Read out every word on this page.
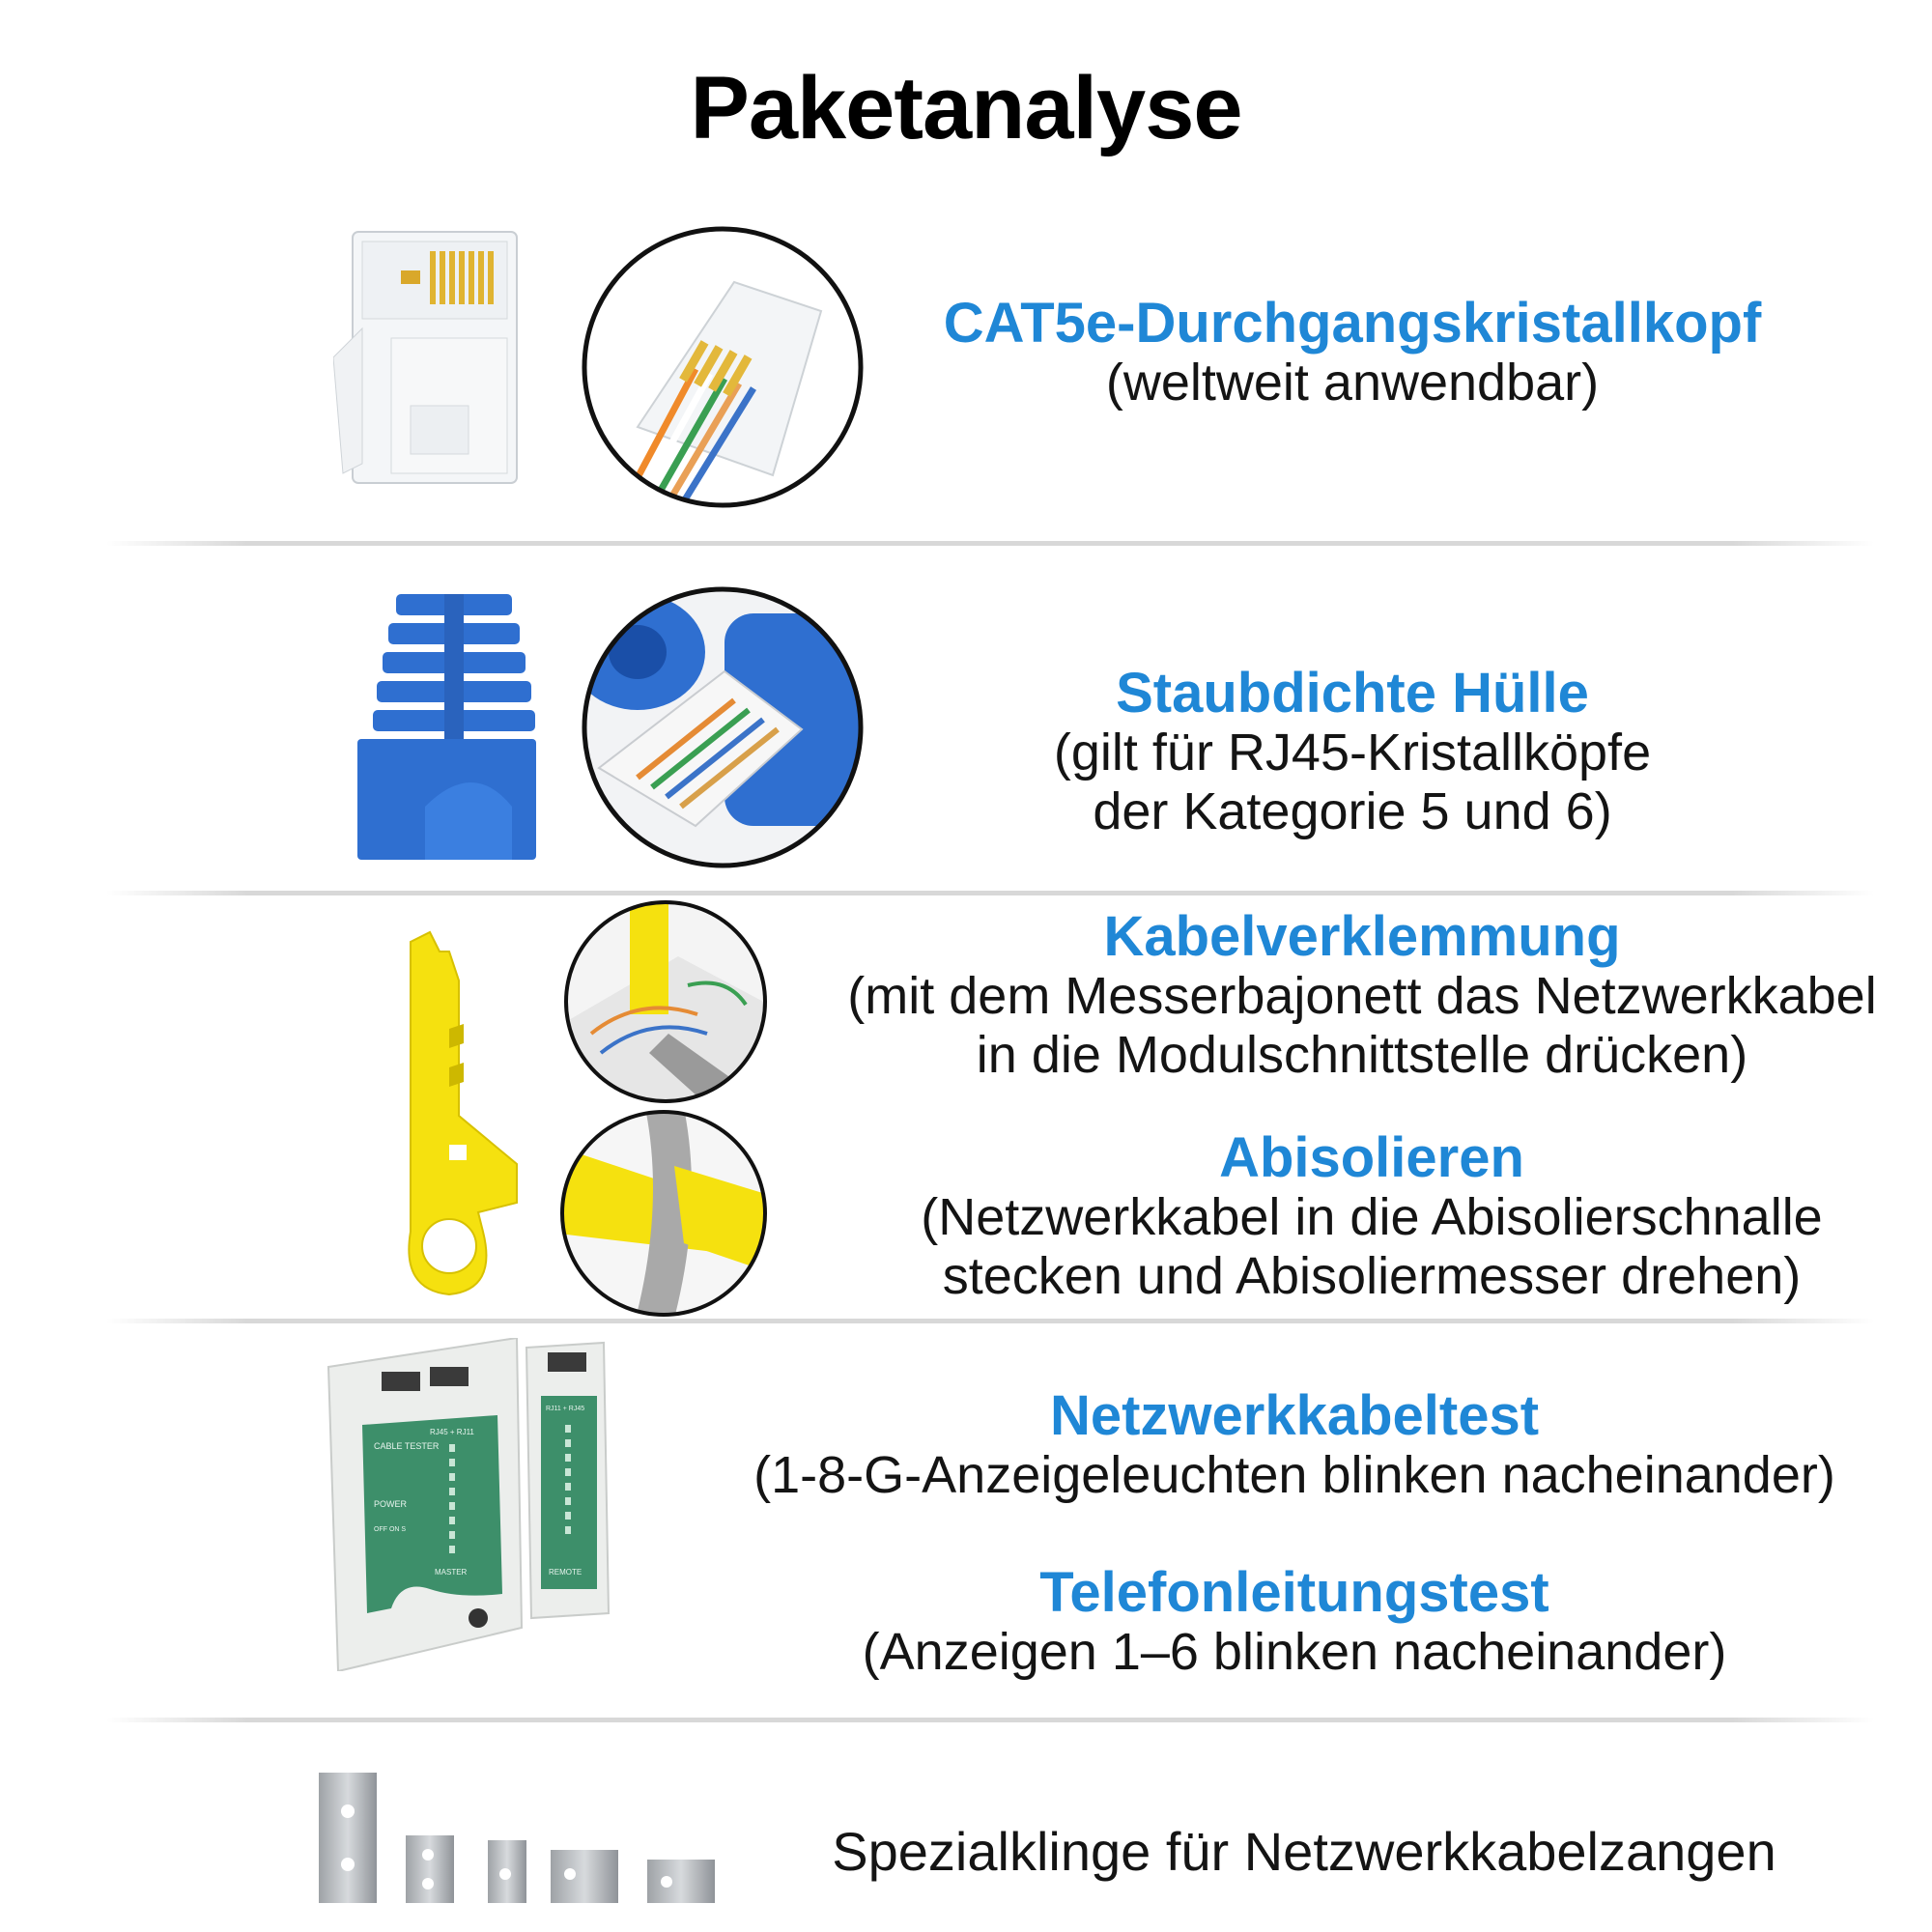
Paketanalyse
CAT5e-Durchgangskristallkopf
(weltweit anwendbar)
Staubdichte Hülle
(gilt für RJ45-Kristallköpfe
der Kategorie 5 und 6)
Kabelverklemmung
(mit dem Messerbajonett das Netzwerkkabel
in die Modulschnittstelle drücken)
Abisolieren
(Netzwerkkabel in die Abisolierschnalle
stecken und Abisoliermesser drehen)
CABLE TESTER
POWER
OFF ON S
RJ45 + RJ11
MASTER
RJ11 + RJ45
REMOTE
Netzwerkkabeltest
(1-8-G-Anzeigeleuchten blinken nacheinander)
Telefonleitungstest
(Anzeigen 1–6 blinken nacheinander)
Spezialklinge für Netzwerkkabelzangen
